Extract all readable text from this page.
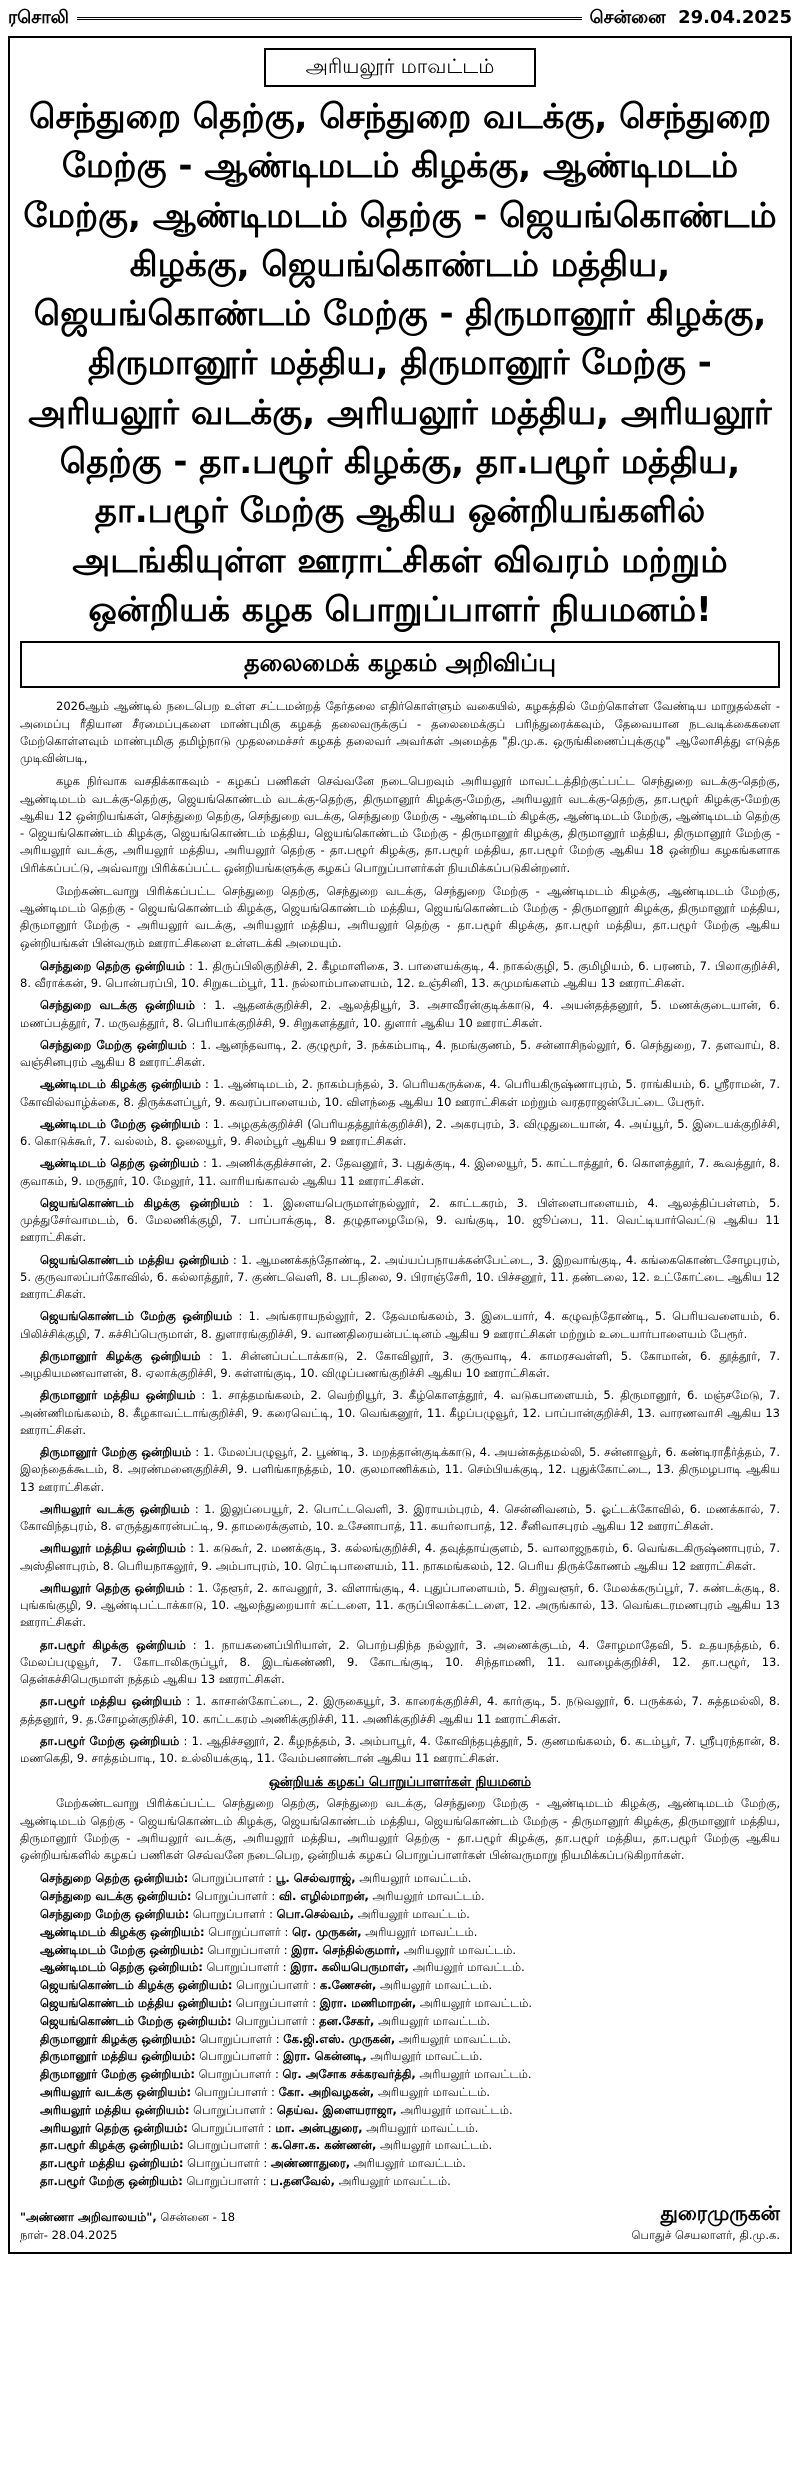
ரசொலி	சென்னை 29.04.2025
அரியலூர் மாவட்டம்
செந்துறை தெற்கு, செந்துறை வடக்கு, செந்துறை மேற்கு - ஆண்டிமடம் கிழக்கு, ஆண்டிமடம் மேற்கு, ஆண்டிமடம் தெற்கு - ஜெயங்கொண்டம் கிழக்கு, ஜெயங்கொண்டம் மத்திய, ஜெயங்கொண்டம் மேற்கு - திருமானூர் கிழக்கு, திருமானூர் மத்திய, திருமானூர் மேற்கு - அரியலூர் வடக்கு, அரியலூர் மத்திய, அரியலூர் தெற்கு - தா.பழூர் கிழக்கு, தா.பழூர் மத்திய, தா.பழூர் மேற்கு ஆகிய ஒன்றியங்களில் அடங்கியுள்ள ஊராட்சிகள் விவரம் மற்றும் ஒன்றியக் கழக பொறுப்பாளர் நியமனம்!
தலைமைக் கழகம் அறிவிப்பு

2026ஆம் ஆண்டில் நடைபெற உள்ள சட்டமன்றத் தேர்தலை எதிர்கொள்ளும் வகையில், கழகத்தில் மேற்கொள்ள வேண்டிய மாறுதல்கள் - அமைப்பு ரீதியான சீரமைப்புகளை மாண்புமிகு கழகத் தலைவருக்குப் - தலைமைக்குப் பரிந்துரைக்கவும், தேவையான நடவடிக்கைகளை மேற்கொள்ளவும் மாண்புமிகு தமிழ்நாடு முதலமைச்சர் கழகத் தலைவர் அவர்கள் அமைத்த "தி.மு.க. ஒருங்கிணைப்புக்குழு" ஆலோசித்து எடுத்த முடிவின்படி,

கழக நிர்வாக வசதிக்காகவும் - கழகப் பணிகள் செவ்வனே நடைபெறவும் அரியலூர் மாவட்டத்திற்குட்பட்ட செந்துறை வடக்கு-தெற்கு, ஆண்டிமடம் வடக்கு-தெற்கு, ஜெயங்கொண்டம் வடக்கு-தெற்கு, திருமானூர் கிழக்கு-மேற்கு, அரியலூர் வடக்கு-தெற்கு, தா.பழூர் கிழக்கு-மேற்கு ஆகிய 12 ஒன்றியங்கள், செந்துறை தெற்கு, செந்துறை வடக்கு, செந்துறை மேற்கு - ஆண்டிமடம் கிழக்கு, ஆண்டிமடம் மேற்கு, ஆண்டிமடம் தெற்கு - ஜெயங்கொண்டம் கிழக்கு, ஜெயங்கொண்டம் மத்திய, ஜெயங்கொண்டம் மேற்கு - திருமானூர் கிழக்கு, திருமானூர் மத்திய, திருமானூர் மேற்கு - அரியலூர் வடக்கு, அரியலூர் மத்திய, அரியலூர் தெற்கு - தா.பழூர் கிழக்கு, தா.பழூர் மத்திய, தா.பழூர் மேற்கு ஆகிய 18 ஒன்றிய கழகங்களாக பிரிக்கப்பட்டு, அவ்வாறு பிரிக்கப்பட்ட ஒன்றியங்களுக்கு கழகப் பொறுப்பாளர்கள் நியமிக்கப்படுகின்றனர்.

மேற்கண்டவாறு பிரிக்கப்பட்ட செந்துறை தெற்கு, செந்துறை வடக்கு, செந்துறை மேற்கு - ஆண்டிமடம் கிழக்கு, ஆண்டிமடம் மேற்கு, ஆண்டிமடம் தெற்கு - ஜெயங்கொண்டம் கிழக்கு, ஜெயங்கொண்டம் மத்திய, ஜெயங்கொண்டம் மேற்கு - திருமானூர் கிழக்கு, திருமானூர் மத்திய, திருமானூர் மேற்கு - அரியலூர் வடக்கு, அரியலூர் மத்திய, அரியலூர் தெற்கு - தா.பழூர் கிழக்கு, தா.பழூர் மத்திய, தா.பழூர் மேற்கு ஆகிய ஒன்றியங்கள் பின்வரும் ஊராட்சிகளை உள்ளடக்கி அமையும்.

செந்துறை தெற்கு ஒன்றியம் : 1. திருப்பிலிகுறிச்சி, 2. கீழமாளிகை, 3. பாளையக்குடி, 4. நாகல்குழி, 5. குமிழியம், 6. பரணம், 7. பிலாகுறிச்சி, 8. வீராக்கன், 9. பொன்பரப்பி, 10. சிறுகடம்பூர், 11. நல்லாம்பாளையம், 12. உஞ்சினி, 13. சுமுமங்களம் ஆகிய 13 ஊராட்சிகள்.
செந்துறை வடக்கு ஒன்றியம் : 1. ஆதனக்குறிச்சி, 2. ஆலத்தியூர், 3. அசாவீரன்குடிக்காடு, 4. அயன்தத்தனூர், 5. மணக்குடையான், 6. மணப்பத்தூர், 7. மருவத்தூர், 8. பெரியாக்குறிச்சி, 9. சிறுகளத்தூர், 10. துளார் ஆகிய 10 ஊராட்சிகள்.
செந்துறை மேற்கு ஒன்றியம் : 1. ஆனந்தவாடி, 2. குழுமூர், 3. நக்கம்பாடி, 4. நமங்குணம், 5. சன்னாசிநல்லூர், 6. செந்துறை, 7. தளவாய், 8. வஞ்சினபுரம் ஆகிய 8 ஊராட்சிகள்.
ஆண்டிமடம் கிழக்கு ஒன்றியம் : 1. ஆண்டிமடம், 2. நாகம்பந்தல், 3. பெரியகருக்கை, 4. பெரியகிருஷ்ணாபுரம், 5. ராங்கியம், 6. ஸ்ரீராமன், 7. கோவில்வாழ்க்கை, 8. திருக்களப்பூர், 9. கவரப்பாளையம், 10. விளந்தை ஆகிய 10 ஊராட்சிகள் மற்றும் வரதராஜன்பேட்டை பேரூர்.
ஆண்டிமடம் மேற்கு ஒன்றியம் : 1. அழகுக்குறிச்சி (பெரியதத்தூர்க்குறிச்சி), 2. அகரபுரம், 3. விழுதுடையான், 4. அய்யூர், 5. இடையக்குறிச்சி, 6. கொடுக்கூர், 7. வல்லம், 8. ஓலையூர், 9. சிலம்பூர் ஆகிய 9 ஊராட்சிகள்.
ஆண்டிமடம் தெற்கு ஒன்றியம் : 1. அணிக்குதிச்சான், 2. தேவனூர், 3. புதுக்குடி, 4. இலையூர், 5. காட்டாத்தூர், 6. கொளத்தூர், 7. கூவத்தூர், 8. குவாகம், 9. மருதூர், 10. மேலூர், 11. வாரியங்காவல் ஆகிய 11 ஊராட்சிகள்.
ஜெயங்கொண்டம் கிழக்கு ஒன்றியம் : 1. இளையபெருமாள்நல்லூர், 2. காட்டகரம், 3. பிள்ளைபாளையம், 4. ஆலத்திப்பள்ளம், 5. முத்துசேர்வாமடம், 6. மேலணிக்குழி, 7. பாப்பாக்குடி, 8. தழுதாழைமேடு, 9. வங்குடி, 10. ஜூப்பை, 11. வெட்டியார்வெட்டு ஆகிய 11 ஊராட்சிகள்.
ஜெயங்கொண்டம் மத்திய ஒன்றியம் : 1. ஆமணக்கந்தோண்டி, 2. அய்யப்பநாயக்கன்பேட்டை, 3. இறவாங்குடி, 4. கங்கைகொண்டசோழபுரம், 5. குருவாலப்பர்கோவில், 6. கல்லாத்தூர், 7. குண்டவெளி, 8. படநிலை, 9. பிராஞ்சேரி, 10. பிச்சனூர், 11. தண்டலை, 12. உட்கோட்டை ஆகிய 12 ஊராட்சிகள்.
ஜெயங்கொண்டம் மேற்கு ஒன்றியம் : 1. அங்கராயநல்லூர், 2. தேவமங்கலம், 3. இடையார், 4. கழுவந்தோண்டி, 5. பெரியவளையம், 6. பிலிச்சிக்குழி, 7. சுச்சிப்பெருமாள், 8. துளாரங்குறிச்சி, 9. வாணதிரையன்பட்டினம் ஆகிய 9 ஊராட்சிகள் மற்றும் உடையார்பாளையம் பேரூர்.
திருமானூர் கிழக்கு ஒன்றியம் : 1. சின்னப்பட்டாக்காடு, 2. கோவிலூர், 3. குருவாடி, 4. காமரசவள்ளி, 5. கோமான், 6. தூத்தூர், 7. அழகியமணவாளன், 8. ஏலாக்குறிச்சி, 9. சுள்ளங்குடி, 10. விழுப்பணங்குறிச்சி ஆகிய 10 ஊராட்சிகள்.
திருமானூர் மத்திய ஒன்றியம் : 1. சாத்தமங்கலம், 2. வெற்றியூர், 3. கீழ்கொளத்தூர், 4. வடுகபாளையம், 5. திருமானூர், 6. மஞ்சமேடு, 7. அண்ணிமங்கலம், 8. கீழகாவட்டாங்குறிச்சி, 9. கரைவெட்டி, 10. வெங்கனூர், 11. கீழப்பழுவூர், 12. பாப்பான்குறிச்சி, 13. வாரணவாசி ஆகிய 13 ஊராட்சிகள்.
திருமானூர் மேற்கு ஒன்றியம் : 1. மேலப்பழுவூர், 2. பூண்டி, 3. மறத்தான்குடிக்காடு, 4. அயன்சுத்தமல்லி, 5. சன்னாவூர், 6. கண்டிராதீர்த்தம், 7. இலந்தைக்கூடம், 8. அரண்மனைகுறிச்சி, 9. பளிங்காநத்தம், 10. குலமாணிக்கம், 11. செம்பியக்குடி, 12. புதுக்கோட்டை, 13. திருமழபாடி ஆகிய 13 ஊராட்சிகள்.
அரியலூர் வடக்கு ஒன்றியம் : 1. இலுப்பையூர், 2. பொட்டவெளி, 3. இராயம்புரம், 4. சென்னிவனம், 5. ஓட்டக்கோவில், 6. மணக்கால், 7. கோவிந்தபுரம், 8. எருத்துகாரன்பட்டி, 9. தாமரைக்குளம், 10. உசேனாபாத், 11. கயர்லாபாத், 12. சீனிவாசபுரம் ஆகிய 12 ஊராட்சிகள்.
அரியலூர் மத்திய ஒன்றியம் : 1. கடுகூர், 2. மணக்குடி, 3. கல்லங்குறிச்சி, 4. தவுத்தாய்குளம், 5. வாலாஜநகரம், 6. வெங்கடகிருஷ்ணாபுரம், 7. அஸ்தினாபுரம், 8. பெரியநாகலூர், 9. அம்பாபுரம், 10. ரெட்டிபாளையம், 11. நாகமங்கலம், 12. பெரிய திருக்கோணம் ஆகிய 12 ஊராட்சிகள்.
அரியலூர் தெற்கு ஒன்றியம் : 1. தேளூர், 2. காவனூர், 3. விளாங்குடி, 4. புதுப்பாளையம், 5. சிறுவளூர், 6. மேலக்கருப்பூர், 7. சுண்டக்குடி, 8. புங்கங்குழி, 9. ஆண்டிபட்டாக்காடு, 10. ஆலந்துறையார் கட்டளை, 11. கருப்பிலாக்கட்டளை, 12. அருங்கால், 13. வெங்கடரமணபுரம் ஆகிய 13 ஊராட்சிகள்.
தா.பழூர் கிழக்கு ஒன்றியம் : 1. நாயகனைப்பிரியாள், 2. பொற்பதிந்த நல்லூர், 3. அணைக்குடம், 4. சோழமாதேவி, 5. உதயநத்தம், 6. மேலப்பழுவூர், 7. கோடாலிகருப்பூர், 8. இடங்கண்ணி, 9. கோடங்குடி, 10. சிந்தாமணி, 11. வாழைக்குறிச்சி, 12. தா.பழூர், 13. தென்கச்சிபெருமாள் நத்தம் ஆகிய 13 ஊராட்சிகள்.
தா.பழூர் மத்திய ஒன்றியம் : 1. காசான்கோட்டை, 2. இருகையூர், 3. காரைக்குறிச்சி, 4. கார்குடி, 5. நடுவலூர், 6. பருக்கல், 7. சுத்தமல்லி, 8. தத்தனூர், 9. த.சோழன்குறிச்சி, 10. காட்டகரம் அணிக்குறிச்சி, 11. அணிக்குறிச்சி ஆகிய 11 ஊராட்சிகள்.
தா.பழூர் மேற்கு ஒன்றியம் : 1. ஆதிச்சனூர், 2. கீழநத்தம், 3. அம்பாபூர், 4. கோவிந்தபுத்தூர், 5. குணமங்கலம், 6. கடம்பூர், 7. ஸ்ரீபுரந்தான், 8. மணகெதி, 9. சாத்தம்பாடி, 10. உல்லியக்குடி, 11. வேம்பனாண்டான் ஆகிய 11 ஊராட்சிகள்.
ஒன்றியக் கழகப் பொறுப்பாளர்கள் நியமனம்

மேற்கண்டவாறு பிரிக்கப்பட்ட செந்துறை தெற்கு, செந்துறை வடக்கு, செந்துறை மேற்கு - ஆண்டிமடம் கிழக்கு, ஆண்டிமடம் மேற்கு, ஆண்டிமடம் தெற்கு - ஜெயங்கொண்டம் கிழக்கு, ஜெயங்கொண்டம் மத்திய, ஜெயங்கொண்டம் மேற்கு - திருமானூர் கிழக்கு, திருமானூர் மத்திய, திருமானூர் மேற்கு - அரியலூர் வடக்கு, அரியலூர் மத்திய, அரியலூர் தெற்கு - தா.பழூர் கிழக்கு, தா.பழூர் மத்திய, தா.பழூர் மேற்கு ஆகிய ஒன்றியங்களில் கழகப் பணிகள் செவ்வனே நடைபெற, ஒன்றியக் கழகப் பொறுப்பாளர்கள் பின்வருமாறு நியமிக்கப்படுகிறார்கள்.

செந்துறை தெற்கு ஒன்றியம்: பொறுப்பாளர் : பூ. செல்வராஜ், அரியலூர் மாவட்டம்.
செந்துறை வடக்கு ஒன்றியம்: பொறுப்பாளர் : வி. எழில்மாறன், அரியலூர் மாவட்டம்.
செந்துறை மேற்கு ஒன்றியம்: பொறுப்பாளர் : பொ.செல்வம், அரியலூர் மாவட்டம்.
ஆண்டிமடம் கிழக்கு ஒன்றியம்: பொறுப்பாளர் : ரெ. முருகன், அரியலூர் மாவட்டம்.
ஆண்டிமடம் மேற்கு ஒன்றியம்: பொறுப்பாளர் : இரா. செந்தில்குமார், அரியலூர் மாவட்டம்.
ஆண்டிமடம் தெற்கு ஒன்றியம்: பொறுப்பாளர் : இரா. கலியபெருமாள், அரியலூர் மாவட்டம்.
ஜெயங்கொண்டம் கிழக்கு ஒன்றியம்: பொறுப்பாளர் : க.ணேசன், அரியலூர் மாவட்டம்.
ஜெயங்கொண்டம் மத்திய ஒன்றியம்: பொறுப்பாளர் : இரா. மணிமாறன், அரியலூர் மாவட்டம்.
ஜெயங்கொண்டம் மேற்கு ஒன்றியம்: பொறுப்பாளர் : தன.சேகர், அரியலூர் மாவட்டம்.
திருமானூர் கிழக்கு ஒன்றியம்: பொறுப்பாளர் : கே.ஜி.எஸ். முருகன், அரியலூர் மாவட்டம்.
திருமானூர் மத்திய ஒன்றியம்: பொறுப்பாளர் : இரா. கென்னடி, அரியலூர் மாவட்டம்.
திருமானூர் மேற்கு ஒன்றியம்: பொறுப்பாளர் : ரெ. அசோக சக்கரவர்த்தி, அரியலூர் மாவட்டம்.
அரியலூர் வடக்கு ஒன்றியம்: பொறுப்பாளர் : கோ. அறிவழகன், அரியலூர் மாவட்டம்.
அரியலூர் மத்திய ஒன்றியம்: பொறுப்பாளர் : தெய்வ. இளையராஜா, அரியலூர் மாவட்டம்.
அரியலூர் தெற்கு ஒன்றியம்: பொறுப்பாளர் : மா. அன்புதுரை, அரியலூர் மாவட்டம்.
தா.பழூர் கிழக்கு ஒன்றியம்: பொறுப்பாளர் : க.சொ.க. கண்ணன், அரியலூர் மாவட்டம்.
தா.பழூர் மத்திய ஒன்றியம்: பொறுப்பாளர் : அண்ணாதுரை, அரியலூர் மாவட்டம்.
தா.பழூர் மேற்கு ஒன்றியம்: பொறுப்பாளர் : ப.தனவேல், அரியலூர் மாவட்டம்.
"அண்ணா அறிவாலயம்", சென்னை - 18
நாள்- 28.04.2025
துரைமுருகன்
பொதுச் செயலாளர், தி.மு.க.
